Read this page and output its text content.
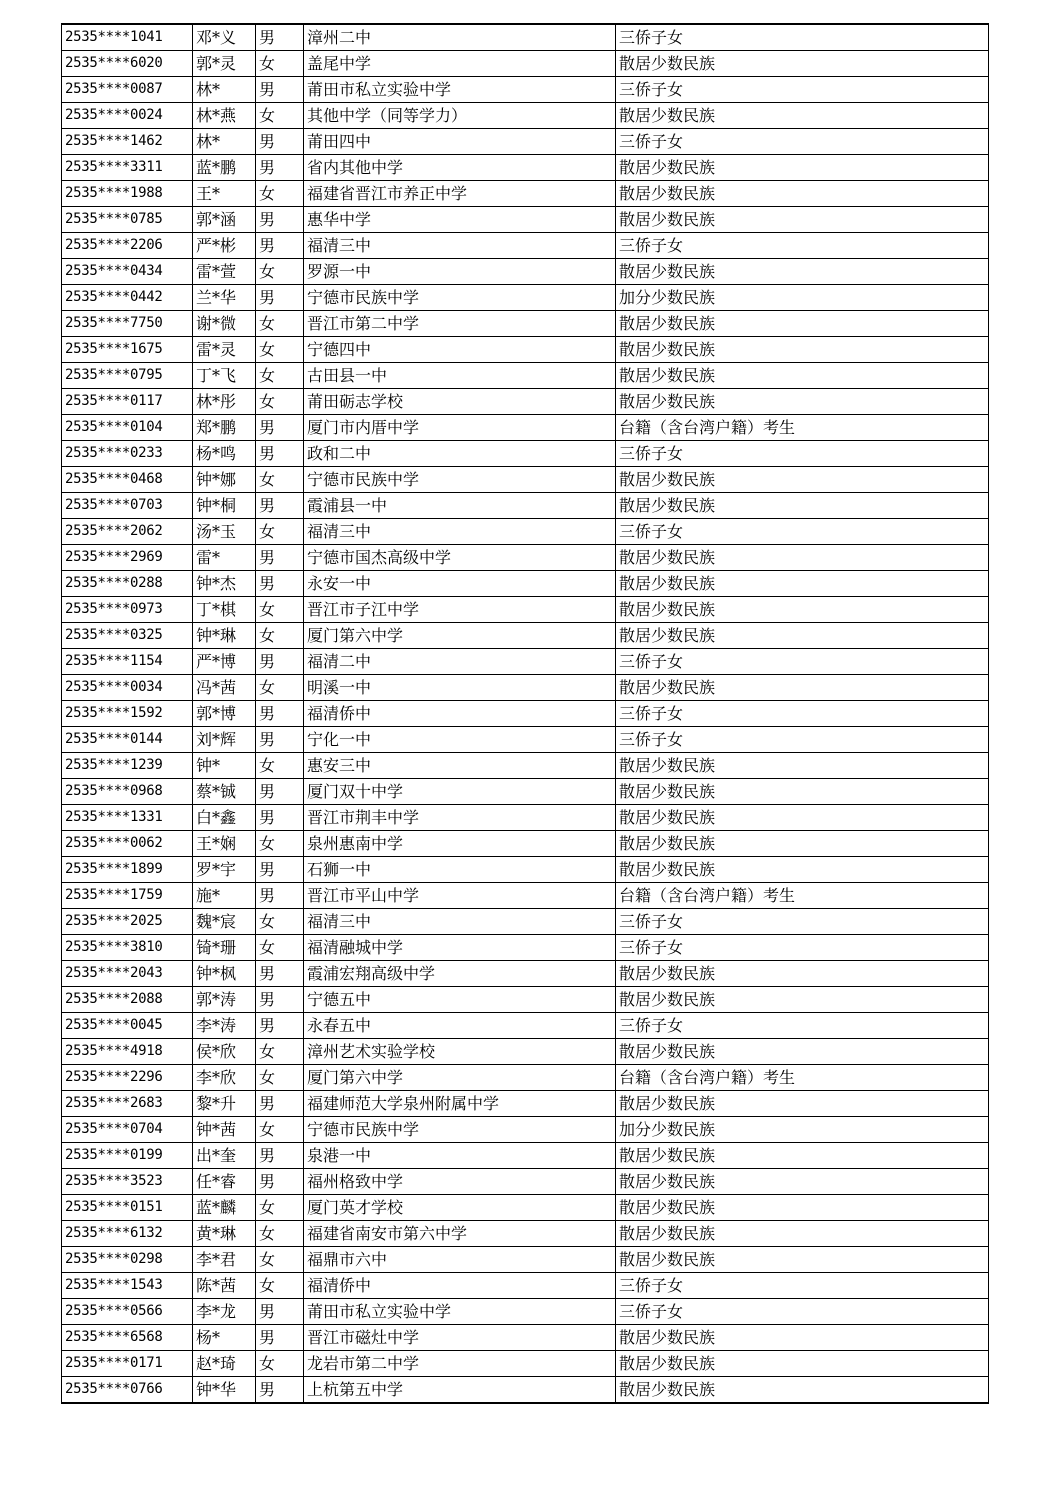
2535****1041	邓*义	男	漳州二中	三侨子女
2535****6020	郭*灵	女	盖尾中学	散居少数民族
2535****0087	林*	男	莆田市私立实验中学	三侨子女
2535****0024	林*燕	女	其他中学（同等学力）	散居少数民族
2535****1462	林*	男	莆田四中	三侨子女
2535****3311	蓝*鹏	男	省内其他中学	散居少数民族
2535****1988	王*	女	福建省晋江市养正中学	散居少数民族
2535****0785	郭*涵	男	惠华中学	散居少数民族
2535****2206	严*彬	男	福清三中	三侨子女
2535****0434	雷*萱	女	罗源一中	散居少数民族
2535****0442	兰*华	男	宁德市民族中学	加分少数民族
2535****7750	谢*微	女	晋江市第二中学	散居少数民族
2535****1675	雷*灵	女	宁德四中	散居少数民族
2535****0795	丁*飞	女	古田县一中	散居少数民族
2535****0117	林*彤	女	莆田砺志学校	散居少数民族
2535****0104	郑*鹏	男	厦门市内厝中学	台籍（含台湾户籍）考生
2535****0233	杨*鸣	男	政和二中	三侨子女
2535****0468	钟*娜	女	宁德市民族中学	散居少数民族
2535****0703	钟*桐	男	霞浦县一中	散居少数民族
2535****2062	汤*玉	女	福清三中	三侨子女
2535****2969	雷*	男	宁德市国杰高级中学	散居少数民族
2535****0288	钟*杰	男	永安一中	散居少数民族
2535****0973	丁*棋	女	晋江市子江中学	散居少数民族
2535****0325	钟*琳	女	厦门第六中学	散居少数民族
2535****1154	严*博	男	福清二中	三侨子女
2535****0034	冯*茜	女	明溪一中	散居少数民族
2535****1592	郭*博	男	福清侨中	三侨子女
2535****0144	刘*辉	男	宁化一中	三侨子女
2535****1239	钟*	女	惠安三中	散居少数民族
2535****0968	蔡*铖	男	厦门双十中学	散居少数民族
2535****1331	白*鑫	男	晋江市荆丰中学	散居少数民族
2535****0062	王*娴	女	泉州惠南中学	散居少数民族
2535****1899	罗*宇	男	石狮一中	散居少数民族
2535****1759	施*	男	晋江市平山中学	台籍（含台湾户籍）考生
2535****2025	魏*宸	女	福清三中	三侨子女
2535****3810	锜*珊	女	福清融城中学	三侨子女
2535****2043	钟*枫	男	霞浦宏翔高级中学	散居少数民族
2535****2088	郭*涛	男	宁德五中	散居少数民族
2535****0045	李*涛	男	永春五中	三侨子女
2535****4918	侯*欣	女	漳州艺术实验学校	散居少数民族
2535****2296	李*欣	女	厦门第六中学	台籍（含台湾户籍）考生
2535****2683	黎*升	男	福建师范大学泉州附属中学	散居少数民族
2535****0704	钟*茜	女	宁德市民族中学	加分少数民族
2535****0199	出*奎	男	泉港一中	散居少数民族
2535****3523	任*睿	男	福州格致中学	散居少数民族
2535****0151	蓝*麟	女	厦门英才学校	散居少数民族
2535****6132	黄*琳	女	福建省南安市第六中学	散居少数民族
2535****0298	李*君	女	福鼎市六中	散居少数民族
2535****1543	陈*茜	女	福清侨中	三侨子女
2535****0566	李*龙	男	莆田市私立实验中学	三侨子女
2535****6568	杨*	男	晋江市磁灶中学	散居少数民族
2535****0171	赵*琦	女	龙岩市第二中学	散居少数民族
2535****0766	钟*华	男	上杭第五中学	散居少数民族
